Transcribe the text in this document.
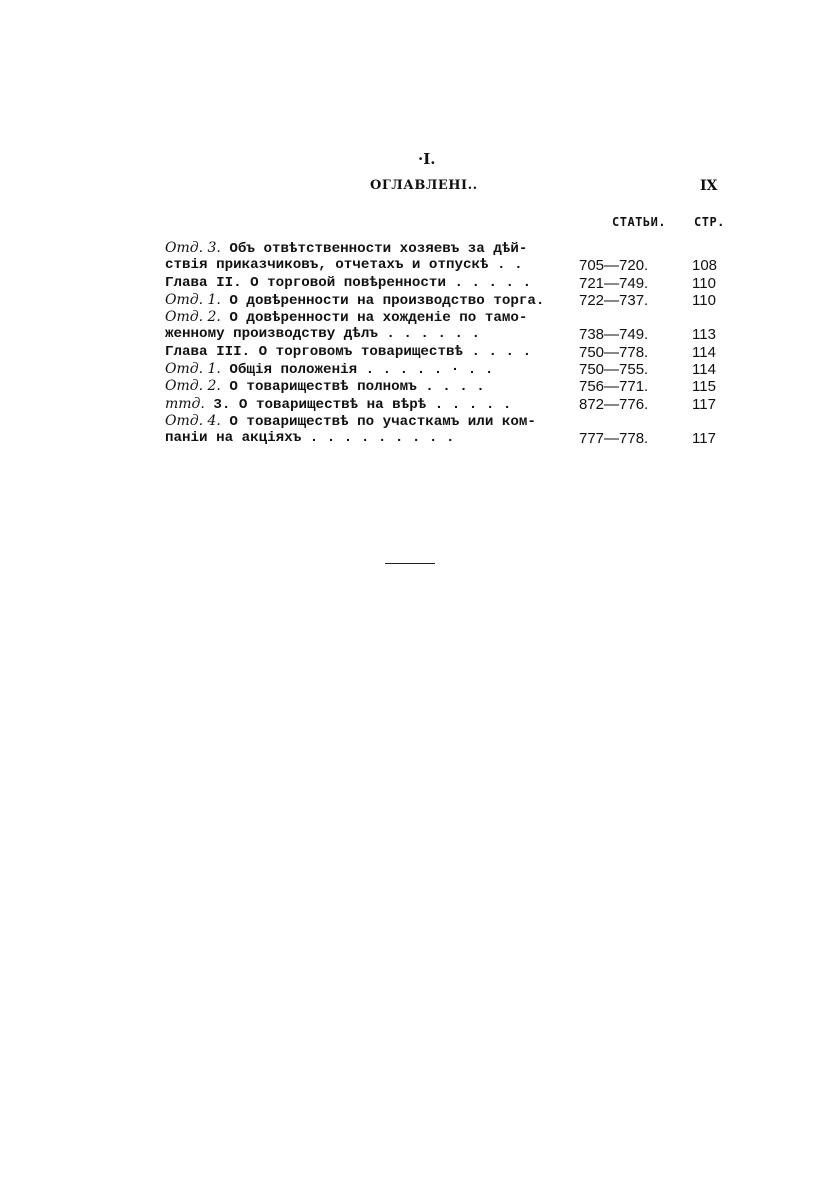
·Ι.
ОГЛАВЛЕНІ..	IX
СТАТЬИ. СТР.
Отд. 3. Объ отвѣтственности хозяевъ за дѣй-
ствія приказчиковъ, отчетахъ и отпускѣ . .	705—720.	108
Глава II. О торговой повѣренности . . . . .	721—749.	110
Отд. 1. О довѣренности на производство торга. 722—737.	110
Отд. 2. О довѣренности на хожденіе по тамо-
женному производству дѣлъ . . . . . .	738—749.	113
Глава III. О торговомъ товариществѣ . . . .	750—778.	114
Отд. 1. Общія положенія . . . . . · . .	750—755.	114
Отд. 2. О товариществѣ полномъ . . . .	756—771.	115
ттд. 3. О товариществѣ на вѣрѣ . . . . .	872—776.	117
Отд. 4. О товариществѣ по участкамъ или ком-
паніи на акціяхъ . . . . . . . . .	777—778.	117
